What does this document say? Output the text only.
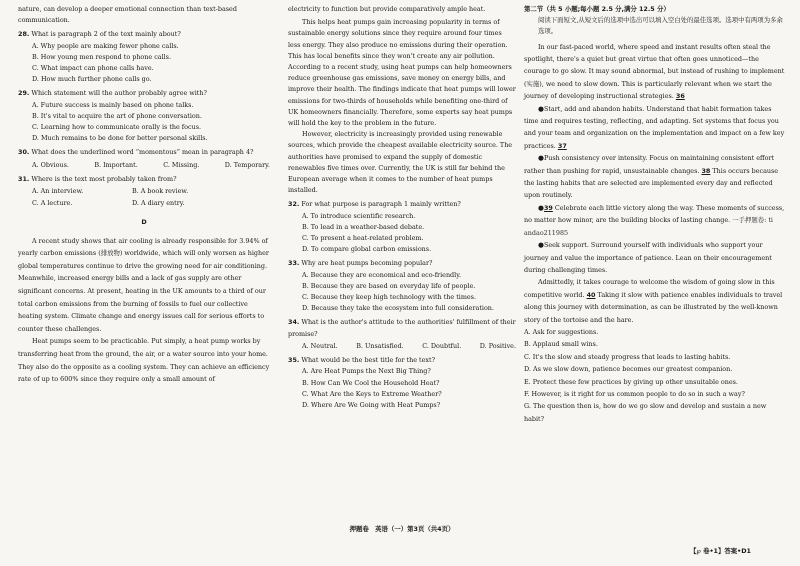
nature, can develop a deeper emotional connection than text-based

communication.

28. What is paragraph 2 of the text mainly about?

A. Why people are making fewer phone calls.

B. How young men respond to phone calls.

C. What impact can phone calls have.

D. How much further phone calls go.

29. Which statement will the author probably agree with?

A. Future success is mainly based on phone talks.

B. It's vital to acquire the art of phone conversation.

C. Learning how to communicate orally is the focus.

D. Much remains to be done for better personal skills.

30. What does the underlined word “momentous” mean in paragraph 4?
A. Obvious.	B. Important.	C. Missing.	D. Temporary.
31. Where is the text most probably taken from?
A. An interview.	B. A book review.
C. A lecture.	D. A diary entry.
D

A recent study shows that air cooling is already responsible for 3.94% of yearly carbon emissions (排放物) worldwide, which will only worsen as higher global temperatures continue to drive the growing need for air conditioning. Meanwhile, increased energy bills and a lack of gas supply are other significant concerns. At present, heating in the UK amounts to a third of our total carbon emissions from the burning of fossils to fuel our collective heating system. Climate change and energy issues call for serious efforts to counter these challenges.

Heat pumps seem to be practicable. Put simply, a heat pump works by transferring heat from the ground, the air, or a water source into your home. They also do the opposite as a cooling system. They can achieve an efficiency rate of up to 600% since they require only a small amount of

electricity to function but provide comparatively ample heat.

This helps heat pumps gain increasing popularity in terms of sustainable energy solutions since they require around four times less energy. They also produce no emissions during their operation. This has local benefits since they won't create any air pollution. According to a recent study, using heat pumps can help homeowners reduce greenhouse gas emissions, save money on energy bills, and improve their health. The findings indicate that heat pumps will lower emissions for two-thirds of households while benefiting one-third of UK homeowners financially. Therefore, some experts say heat pumps will hold the key to the problem in the future.

However, electricity is increasingly provided using renewable sources, which provide the cheapest available electricity source. The authorities have promised to expand the supply of domestic renewables five times over. Currently, the UK is still far behind the European average when it comes to the number of heat pumps installed.

32. For what purpose is paragraph 1 mainly written?

A. To introduce scientific research.

B. To lead in a weather-based debate.

C. To present a heat-related problem.

D. To compare global carbon emissions.

33. Why are heat pumps becoming popular?

A. Because they are economical and eco-friendly.

B. Because they are based on everyday life of people.

C. Because they keep high technology with the times.

D. Because they take the ecosystem into full consideration.

34. What is the author's attitude to the authorities' fulfillment of their promise?
A. Neutral.	B. Unsatisfied.	C. Doubtful.	D. Positive.
35. What would be the best title for the text?

A. Are Heat Pumps the Next Big Thing?

B. How Can We Cool the Household Heat?

C. What Are the Keys to Extreme Weather?

D. Where Are We Going with Heat Pumps?

押题卷　英语（一）第3页（共4页）

第二节（共 5 小题;每小题 2.5 分,满分 12.5 分）

阅读下面短文,从短文后的选项中选出可以填入空白处的最佳选项。选项中有两项为多余选项。

In our fast-paced world, where speed and instant results often steal the spotlight, there's a quiet but great virtue that often goes unnoticed—the courage to go slow. It may sound abnormal, but instead of rushing to implement (实施), we need to slow down. This is particularly relevant when we start the journey of developing instructional strategies. 36

●Start, add and abandon habits. Understand that habit formation takes time and requires testing, reflecting, and adapting. Set systems that focus you and your team and organization on the implementation and impact on a few key practices. 37

●Push consistency over intensity. Focus on maintaining consistent effort rather than pushing for rapid, unsustainable changes. 38 This occurs because the lasting habits that are selected are implemented every day and reflected upon routinely.

●39 Celebrate each little victory along the way. These moments of success, no matter how minor, are the building blocks of lasting change. 一手押题卷: ti andao211985

●Seek support. Surround yourself with individuals who support your journey and value the importance of patience. Lean on their encouragement during challenging times.

Admittedly, it takes courage to welcome the wisdom of going slow in this competitive world. 40 Taking it slow with patience enables individuals to travel along this journey with determination, as can be illustrated by the well-known story of the tortoise and the hare.

A. Ask for suggestions.

B. Applaud small wins.

C. It's the slow and steady progress that leads to lasting habits.

D. As we slow down, patience becomes our greatest companion.

E. Protect these few practices by giving up other unsuitable ones.

F. However, is it right for us common people to do so in such a way?

G. The question then is, how do we go slow and develop and sustain a new habit?

【℘ 卷•1】答案•D1
